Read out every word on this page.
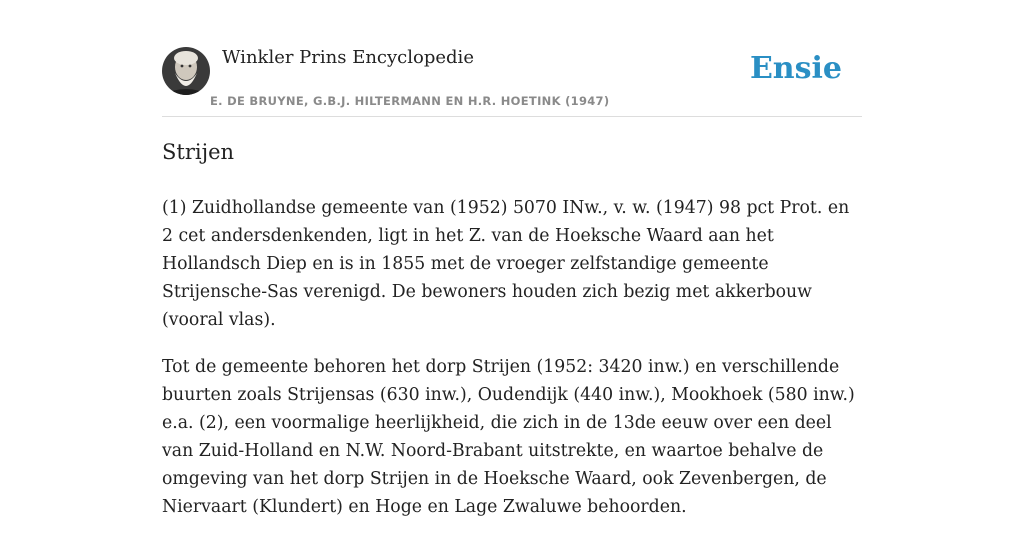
Winkler Prins Encyclopedie
E. DE BRUYNE, G.B.J. HILTERMANN EN H.R. HOETINK (1947)
Ensie
Strijen

(1) Zuidhollandse gemeente van (1952) 5070 INw., v. w. (1947) 98 pct Prot. en 2 cet andersdenkenden, ligt in het Z. van de Hoeksche Waard aan het Hollandsch Diep en is in 1855 met de vroeger zelfstandige gemeente Strijensche-Sas verenigd. De bewoners houden zich bezig met akkerbouw (vooral vlas).

Tot de gemeente behoren het dorp Strijen (1952: 3420 inw.) en verschillende buurten zoals Strijensas (630 inw.), Oudendijk (440 inw.), Mookhoek (580 inw.) e.a. (2), een voormalige heerlijkheid, die zich in de 13de eeuw over een deel van Zuid-Holland en N.W. Noord-Brabant uitstrekte, en waartoe behalve de omgeving van het dorp Strijen in de Hoeksche Waard, ook Zevenbergen, de Niervaart (Klundert) en Hoge en Lage Zwaluwe behoorden.
